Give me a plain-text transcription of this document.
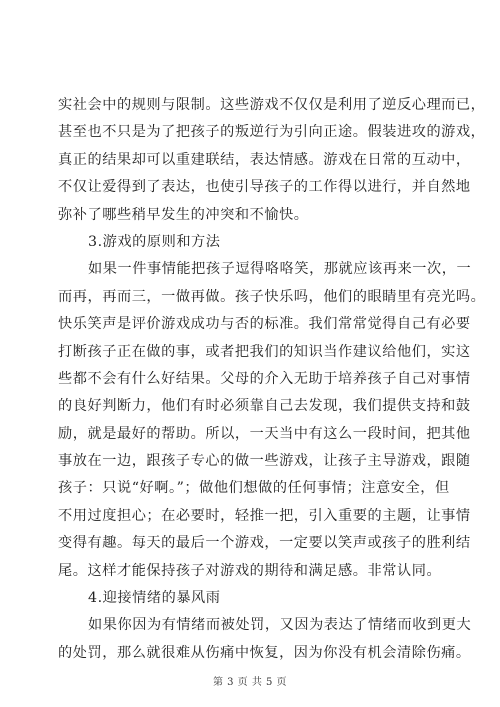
实社会中的规则与限制。这些游戏不仅仅是利用了逆反心理而已，
甚至也不只是为了把孩子的叛逆行为引向正途。假装进攻的游戏，
真正的结果却可以重建联结，表达情感。游戏在日常的互动中，
不仅让爱得到了表达，也使引导孩子的工作得以进行，并自然地
弥补了哪些稍早发生的冲突和不愉快。
3.游戏的原则和方法
如果一件事情能把孩子逗得咯咯笑，那就应该再来一次，一
而再，再而三，一做再做。孩子快乐吗，他们的眼睛里有亮光吗。
快乐笑声是评价游戏成功与否的标准。我们常常觉得自己有必要
打断孩子正在做的事，或者把我们的知识当作建议给他们，实这
些都不会有什么好结果。父母的介入无助于培养孩子自己对事情
的良好判断力，他们有时必须靠自己去发现，我们提供支持和鼓
励，就是最好的帮助。所以，一天当中有这么一段时间，把其他
事放在一边，跟孩子专心的做一些游戏，让孩子主导游戏，跟随
孩子：只说“好啊。”；做他们想做的任何事情；注意安全，但
不用过度担心；在必要时，轻推一把，引入重要的主题，让事情
变得有趣。每天的最后一个游戏，一定要以笑声或孩子的胜利结
尾。这样才能保持孩子对游戏的期待和满足感。非常认同。
4.迎接情绪的暴风雨
如果你因为有情绪而被处罚，又因为表达了情绪而收到更大
的处罚，那么就很难从伤痛中恢复，因为你没有机会清除伤痛。
第 3 页 共 5 页
